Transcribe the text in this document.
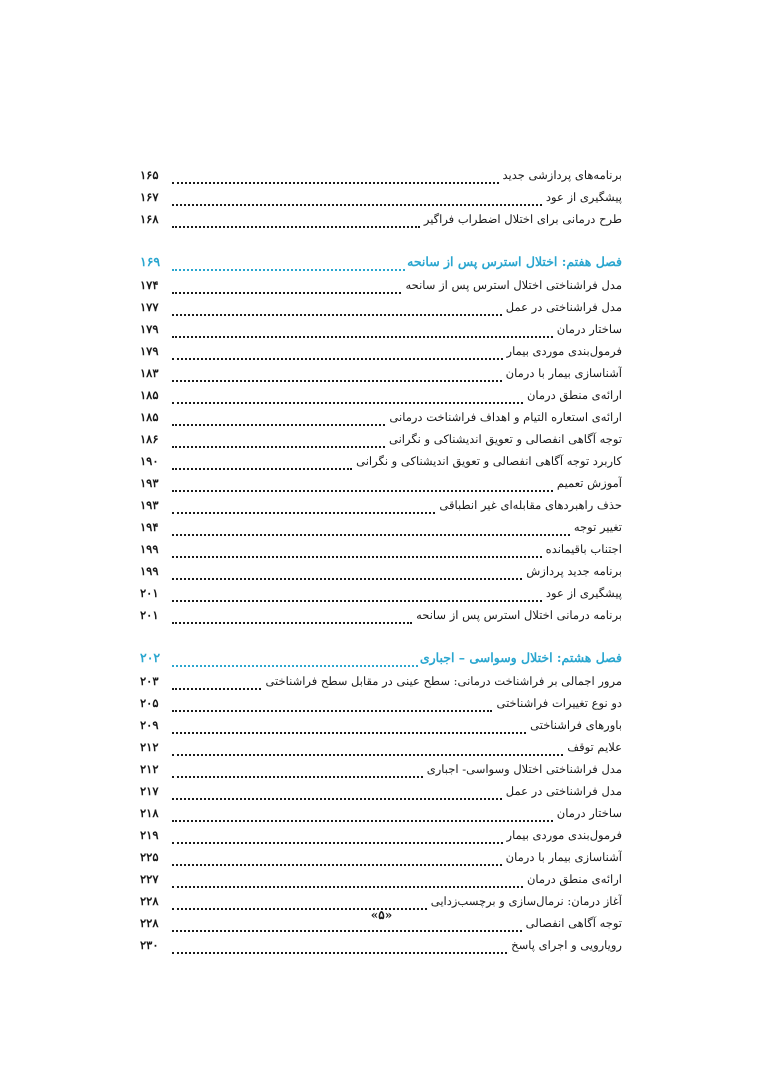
برنامه‌های پردازشی جدید
۱۶۵
پیشگیری از عود
۱۶۷
طرح درمانی برای اختلال اضطراب فراگیر
۱۶۸
فصل هفتم: اختلال استرس پس از سانحه
۱۶۹
مدل فراشناختی اختلال استرس پس از سانحه
۱۷۴
مدل فراشناختی در عمل
۱۷۷
ساختار درمان
۱۷۹
فرمول‌بندی موردی بیمار
۱۷۹
آشناسازی بیمار با درمان
۱۸۳
ارائه‌ی منطق درمان
۱۸۵
ارائه‌ی استعاره التیام و اهداف فراشناخت درمانی
۱۸۵
توجه آگاهی انفصالی و تعویق اندیشناکی و نگرانی
۱۸۶
کاربرد توجه آگاهی انفصالی و تعویق اندیشناکی و نگرانی
۱۹۰
آموزش تعمیم
۱۹۳
حذف راهبردهای مقابله‌ای غیر انطباقی
۱۹۳
تغییر توجه
۱۹۴
اجتناب باقیمانده
۱۹۹
برنامه جدید پردازش
۱۹۹
پیشگیری از عود
۲۰۱
برنامه درمانی اختلال استرس پس از سانحه
۲۰۱
فصل هشتم: اختلال وسواسی – اجباری
۲۰۲
مرور اجمالی بر فراشناخت درمانی: سطح عینی در مقابل سطح فراشناختی
۲۰۳
دو نوع تغییرات فراشناختی
۲۰۵
باورهای فراشناختی
۲۰۹
علایم توقف
۲۱۲
مدل فراشناختی اختلال وسواسی- اجباری
۲۱۲
مدل فراشناختی در عمل
۲۱۷
ساختار درمان
۲۱۸
فرمول‌بندی موردی بیمار
۲۱۹
آشناسازی بیمار با درمان
۲۲۵
ارائه‌ی منطق درمان
۲۲۷
آغاز درمان: نرمال‌سازی و برچسب‌زدایی
۲۲۸
توجه آگاهی انفصالی
۲۲۸
رویارویی و اجرای پاسخ
۲۳۰
«۵»
